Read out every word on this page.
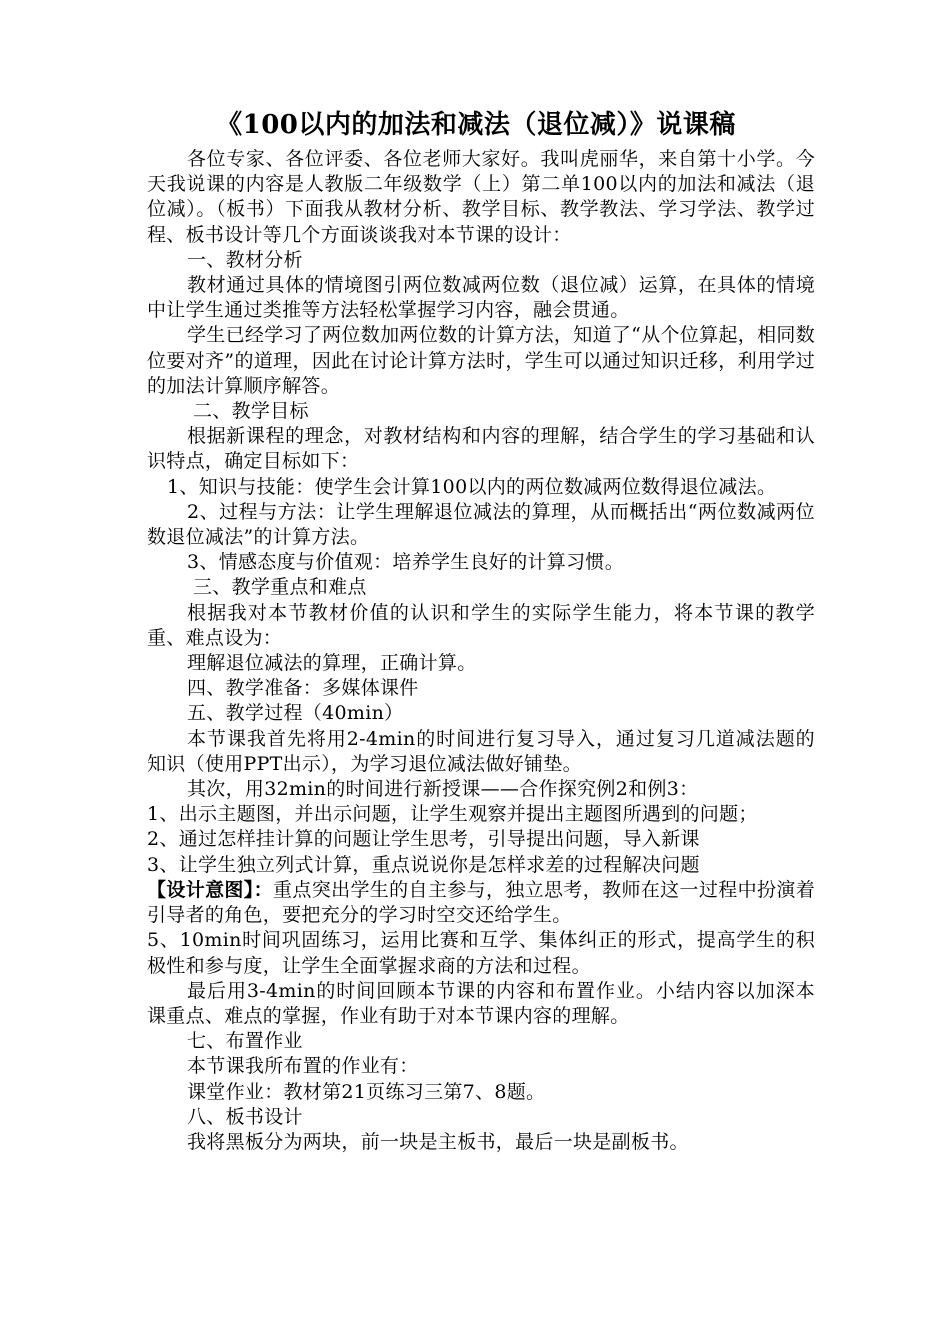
《100以内的加法和减法（退位减）》说课稿

各位专家、各位评委、各位老师大家好。我叫虎丽华，来自第十小学。今天我说课的内容是人教版二年级数学（上）第二单100以内的加法和减法（退位减）。（板书）下面我从教材分析、教学目标、教学教法、学习学法、教学过程、板书设计等几个方面谈谈我对本节课的设计：

一、教材分析

教材通过具体的情境图引两位数减两位数（退位减）运算，在具体的情境中让学生通过类推等方法轻松掌握学习内容，融会贯通。

学生已经学习了两位数加两位数的计算方法，知道了“从个位算起，相同数位要对齐”的道理，因此在讨论计算方法时，学生可以通过知识迁移，利用学过的加法计算顺序解答。

二、教学目标

根据新课程的理念，对教材结构和内容的理解，结合学生的学习基础和认识特点，确定目标如下：

1、知识与技能：使学生会计算100以内的两位数减两位数得退位减法。

2、过程与方法：让学生理解退位减法的算理，从而概括出“两位数减两位数退位减法”的计算方法。

3、情感态度与价值观：培养学生良好的计算习惯。

三、教学重点和难点

根据我对本节教材价值的认识和学生的实际学生能力，将本节课的教学重、难点设为：

理解退位减法的算理，正确计算。

四、教学准备：多媒体课件

五、教学过程（40min）

本节课我首先将用2-4min的时间进行复习导入，通过复习几道减法题的知识（使用PPT出示），为学习退位减法做好铺垫。

其次，用32min的时间进行新授课——合作探究例2和例3：

1、出示主题图，并出示问题，让学生观察并提出主题图所遇到的问题；

2、通过怎样挂计算的问题让学生思考，引导提出问题，导入新课

3、让学生独立列式计算，重点说说你是怎样求差的过程解决问题

【设计意图】：重点突出学生的自主参与，独立思考，教师在这一过程中扮演着引导者的角色，要把充分的学习时空交还给学生。

5、10min时间巩固练习，运用比赛和互学、集体纠正的形式，提高学生的积极性和参与度，让学生全面掌握求商的方法和过程。

最后用3-4min的时间回顾本节课的内容和布置作业。小结内容以加深本课重点、难点的掌握，作业有助于对本节课内容的理解。

七、布置作业

本节课我所布置的作业有：

课堂作业：教材第21页练习三第7、8题。

八、板书设计

我将黑板分为两块，前一块是主板书，最后一块是副板书。
